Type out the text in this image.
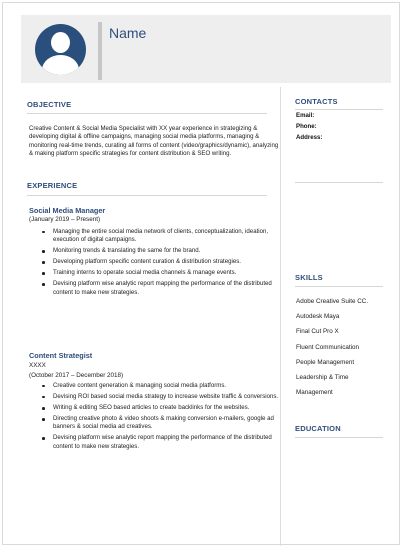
Name
OBJECTIVE
Creative Content & Social Media Specialist with XX year experience in strategizing & developing digital & offline campaigns, managing social media platforms, managing & monitoring real-time trends, curating all forms of content (video/graphics/dynamic), analyzing & making platform specific strategies for content distribution & SEO writing.
EXPERIENCE
Social Media Manager
(January 2019 – Present)
Managing the entire social media network of clients, conceptualization, ideation, execution of digital campaigns.
Monitoring trends & translating the same for the brand.
Developing platform specific content curation & distribution strategies.
Training interns to operate social media channels & manage events.
Devising platform wise analytic report mapping the performance of the distributed content to make new strategies.
Content Strategist
XXXX
(October 2017 – December 2018)
Creative content generation & managing social media platforms.
Devising ROI based social media strategy to increase website traffic & conversions.
Writing & editing SEO based articles to create backlinks for the websites.
Directing creative photo & video shoots & making conversion e-mailers, google ad banners & social media ad creatives.
Devising platform wise analytic report mapping the performance of the distributed content to make new strategies.
CONTACTS
Email:
Phone:
Address:
SKILLS
Adobe Creative Suite CC.
Autodesk Maya
Final Cut Pro X
Fluent Communication
People Management
Leadership & Time
Management
EDUCATION
